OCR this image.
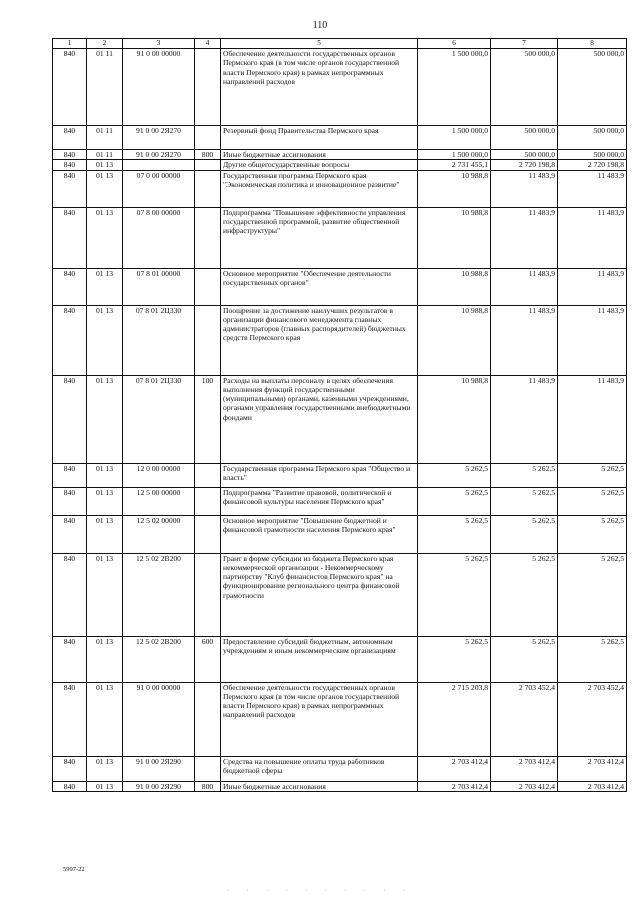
110
1	2	3	4	5	6	7	8
840	01 11	91 0 00 00000		Обеспечение деятельности государственных органов Пермского края (в том числе органов государственной власти Пермского края) в рамках непрограммных направлений расходов	1 500 000,0	500 000,0	500 000,0
840	01 11	91 0 00 2Я270		Резервный фонд Правительства Пермского края	1 500 000,0	500 000,0	500 000,0
840	01 11	91 0 00 2Я270	800	Иные бюджетные ассигнования	1 500 000,0	500 000,0	500 000,0
840	01 13			Другие общегосударственные вопросы	2 731 455,1	2 720 198,8	2 720 198,8
840	01 13	07 0 00 00000		Государственная программа Пермского края "Экономическая политика и инновационное развитие"	10 988,8	11 483,9	11 483,9
840	01 13	07 8 00 00000		Подпрограмма "Повышение эффективности управления государственной программой, развитие общественной инфраструктуры"	10 988,8	11 483,9	11 483,9
840	01 13	07 8 01 00000		Основное мероприятие "Обеспечение деятельности государственных органов"	10 988,8	11 483,9	11 483,9
840	01 13	07 8 01 2Ц330		Поощрение за достижение наилучших результатов в организации финансового менеджмента главных администраторов (главных распорядителей) бюджетных средств Пермского края	10 988,8	11 483,9	11 483,9
840	01 13	07 8 01 2Ц330	100	Расходы на выплаты персоналу в целях обеспечения выполнения функций государственными (муниципальными) органами, казенными учреждениями, органами управления государственными внебюджетными фондами	10 988,8	11 483,9	11 483,9
840	01 13	12 0 00 00000		Государственная программа Пермского края "Общество и власть"	5 262,5	5 262,5	5 262,5
840	01 13	12 5 00 00000		Подпрограмма "Развитие правовой, политической и финансовой культуры населения Пермского края"	5 262,5	5 262,5	5 262,5
840	01 13	12 5 02 00000		Основное мероприятие "Повышение бюджетной и финансовой грамотности населения Пермского края"	5 262,5	5 262,5	5 262,5
840	01 13	12 5 02 2В200		Грант в форме субсидии из бюджета Пермского края некоммерческой организации - Некоммерческому партнерству "Клуб финансистов Пермского края" на функционирование регионального центра финансовой грамотности	5 262,5	5 262,5	5 262,5
840	01 13	12 5 02 2В200	600	Предоставление субсидий бюджетным, автономным учреждениям и иным некоммерческим организациям	5 262,5	5 262,5	5 262,5
840	01 13	91 0 00 00000		Обеспечение деятельности государственных органов Пермского края (в том числе органов государственной власти Пермского края) в рамках непрограммных направлений расходов	2 715 203,8	2 703 452,4	2 703 452,4
840	01 13	91 0 00 2Я290		Средства на повышение оплаты труда работников бюджетной сферы	2 703 412,4	2 703 412,4	2 703 412,4
840	01 13	91 0 00 2Я290	800	Иные бюджетные ассигнования	2 703 412,4	2 703 412,4	2 703 412,4
5997-22
· · · · · · · · · ·
